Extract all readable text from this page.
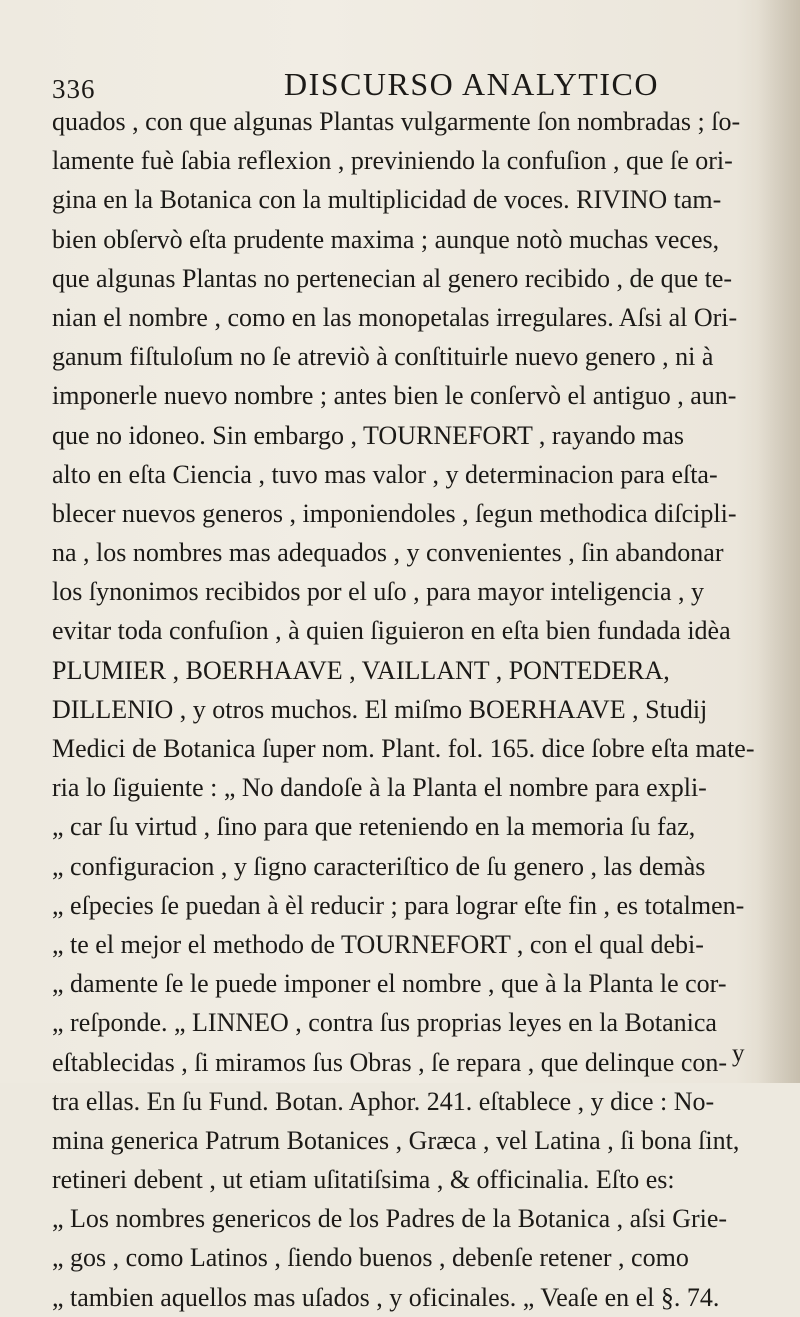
336	DISCURSO ANALYTICO
quados , con que algunas Plantas vulgarmente ſon nombradas ; ſo-
lamente fuè ſabia reflexion , previniendo la confuſion , que ſe ori-
gina en la Botanica con la multiplicidad de voces. RIVINO tam-
bien obſervò eſta prudente maxima ; aunque notò muchas veces,
que algunas Plantas no pertenecian al genero recibido , de que te-
nian el nombre , como en las monopetalas irregulares. Aſsi al Ori-
ganum fiſtuloſum no ſe atreviò à conſtituirle nuevo genero , ni à
imponerle nuevo nombre ; antes bien le conſervò el antiguo , aun-
que no idoneo. Sin embargo , TOURNEFORT , rayando mas
alto en eſta Ciencia , tuvo mas valor , y determinacion para eſta-
blecer nuevos generos , imponiendoles , ſegun methodica diſcipli-
na , los nombres mas adequados , y convenientes , ſin abandonar
los ſynonimos recibidos por el uſo , para mayor inteligencia , y
evitar toda confuſion , à quien ſiguieron en eſta bien fundada idèa
PLUMIER , BOERHAAVE , VAILLANT , PONTEDERA,
DILLENIO , y otros muchos. El miſmo BOERHAAVE , Studij
Medici de Botanica ſuper nom. Plant. fol. 165. dice ſobre eſta mate-
ria lo ſiguiente : „ No dandoſe à la Planta el nombre para expli-
„ car ſu virtud , ſino para que reteniendo en la memoria ſu faz,
„ configuracion , y ſigno caracteriſtico de ſu genero , las demàs
„ eſpecies ſe puedan à èl reducir ; para lograr eſte fin , es totalmen-
„ te el mejor el methodo de TOURNEFORT , con el qual debi-
„ damente ſe le puede imponer el nombre , que à la Planta le cor-
„ reſponde. „ LINNEO , contra ſus proprias leyes en la Botanica
eſtablecidas , ſi miramos ſus Obras , ſe repara , que delinque con-
tra ellas. En ſu Fund. Botan. Aphor. 241. eſtablece , y dice : No-
mina generica Patrum Botanices , Græca , vel Latina , ſi bona ſint,
retineri debent , ut etiam uſitatiſsima , & officinalia. Eſto es:
„ Los nombres genericos de los Padres de la Botanica , aſsi Grie-
„ gos , como Latinos , ſiendo buenos , debenſe retener , como
„ tambien aquellos mas uſados , y oficinales. „ Veaſe en el §. 74.
y
